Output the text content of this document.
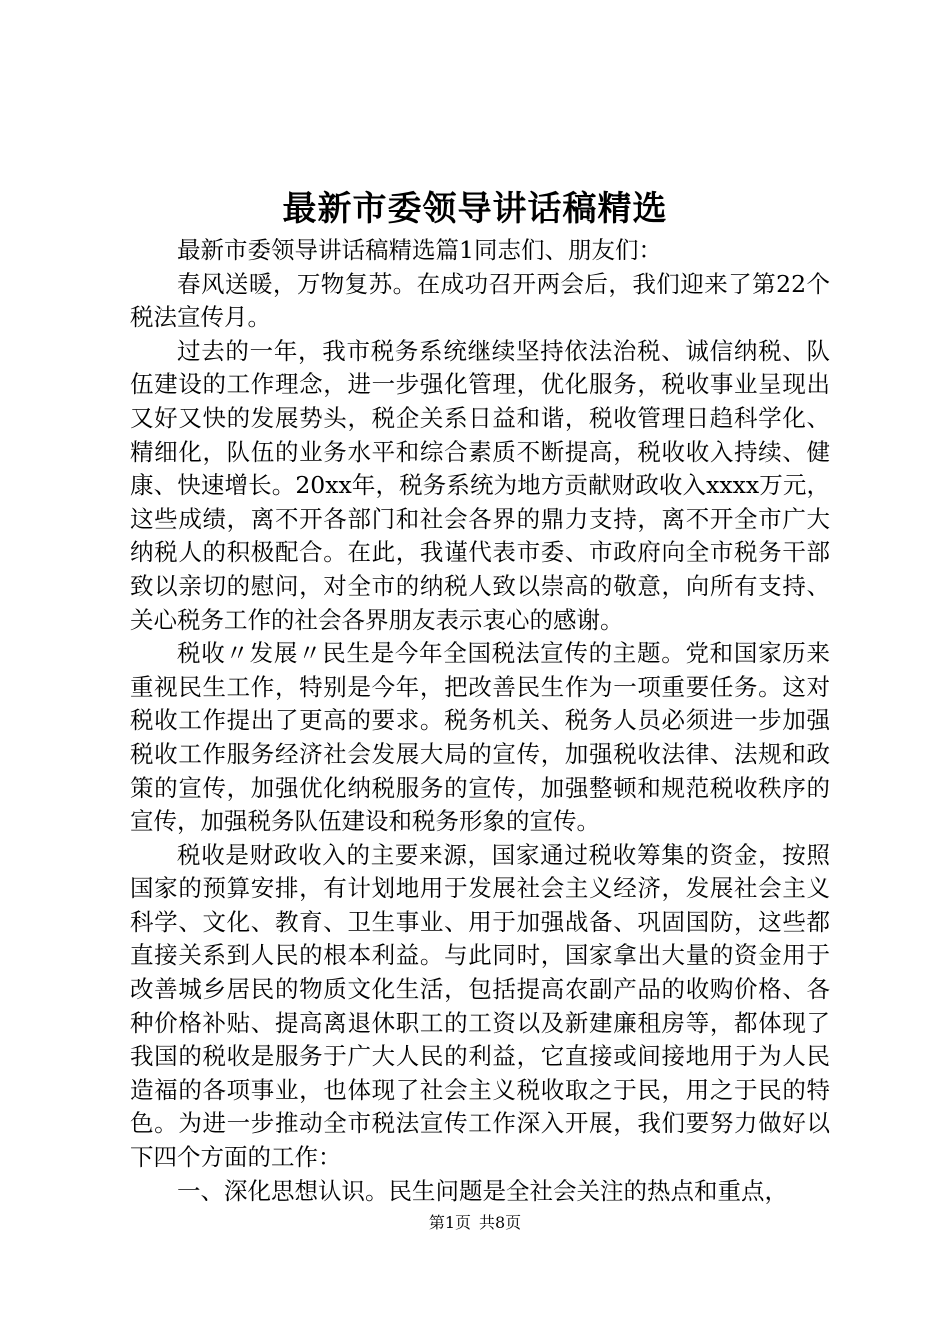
最新市委领导讲话稿精选

最新市委领导讲话稿精选篇1同志们、朋友们：

春风送暖，万物复苏。在成功召开两会后，我们迎来了第22个税法宣传月。

过去的一年，我市税务系统继续坚持依法治税、诚信纳税、队伍建设的工作理念，进一步强化管理，优化服务，税收事业呈现出又好又快的发展势头，税企关系日益和谐，税收管理日趋科学化、精细化，队伍的业务水平和综合素质不断提高，税收收入持续、健康、快速增长。20xx年，税务系统为地方贡献财政收入xxxx万元，这些成绩，离不开各部门和社会各界的鼎力支持，离不开全市广大纳税人的积极配合。在此，我谨代表市委、市政府向全市税务干部致以亲切的慰问，对全市的纳税人致以崇高的敬意，向所有支持、关心税务工作的社会各界朋友表示衷心的感谢。

税收〃发展〃民生是今年全国税法宣传的主题。党和国家历来重视民生工作，特别是今年，把改善民生作为一项重要任务。这对税收工作提出了更高的要求。税务机关、税务人员必须进一步加强税收工作服务经济社会发展大局的宣传，加强税收法律、法规和政策的宣传，加强优化纳税服务的宣传，加强整顿和规范税收秩序的宣传，加强税务队伍建设和税务形象的宣传。

税收是财政收入的主要来源，国家通过税收筹集的资金，按照国家的预算安排，有计划地用于发展社会主义经济，发展社会主义科学、文化、教育、卫生事业、用于加强战备、巩固国防，这些都直接关系到人民的根本利益。与此同时，国家拿出大量的资金用于改善城乡居民的物质文化生活，包括提高农副产品的收购价格、各种价格补贴、提高离退休职工的工资以及新建廉租房等，都体现了我国的税收是服务于广大人民的利益，它直接或间接地用于为人民造福的各项事业，也体现了社会主义税收取之于民，用之于民的特色。为进一步推动全市税法宣传工作深入开展，我们要努力做好以下四个方面的工作：

一、深化思想认识。民生问题是全社会关注的热点和重点，

第1页 共8页
